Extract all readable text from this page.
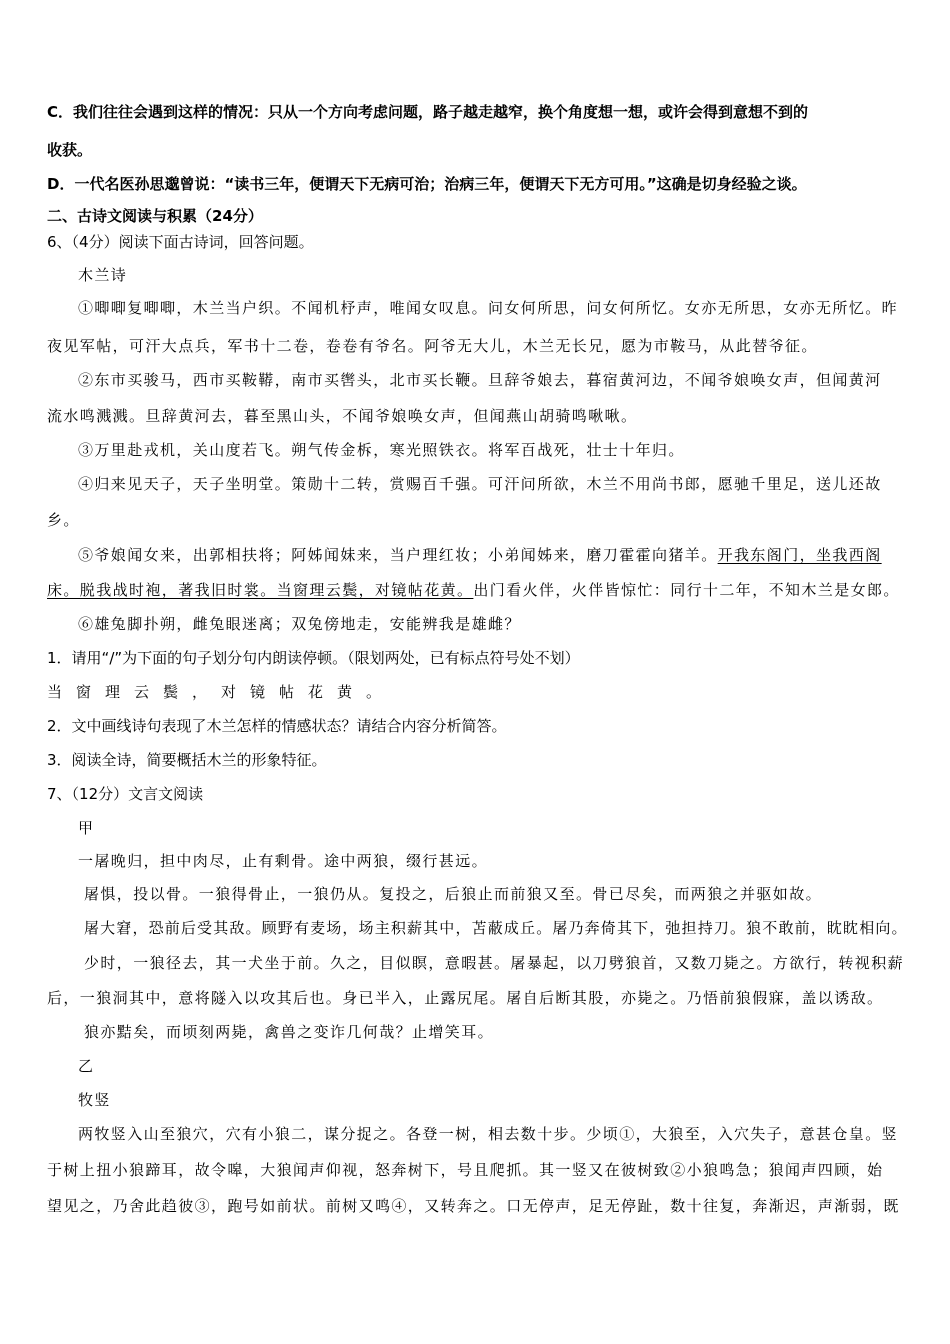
C．我们往往会遇到这样的情况：只从一个方向考虑问题，路子越走越窄，换个角度想一想，或许会得到意想不到的
收获。
D．一代名医孙思邈曾说：“读书三年，便谓天下无病可治；治病三年，便谓天下无方可用。”这确是切身经验之谈。
二、古诗文阅读与积累（24分）
6、（4分）阅读下面古诗词，回答问题。
木兰诗
①唧唧复唧唧，木兰当户织。不闻机杼声，唯闻女叹息。问女何所思，问女何所忆。女亦无所思，女亦无所忆。昨
夜见军帖，可汗大点兵，军书十二卷，卷卷有爷名。阿爷无大儿，木兰无长兄，愿为市鞍马，从此替爷征。
②东市买骏马，西市买鞍鞯，南市买辔头，北市买长鞭。旦辞爷娘去，暮宿黄河边，不闻爷娘唤女声，但闻黄河
流水鸣溅溅。旦辞黄河去，暮至黑山头，不闻爷娘唤女声，但闻燕山胡骑鸣啾啾。
③万里赴戎机，关山度若飞。朔气传金柝，寒光照铁衣。将军百战死，壮士十年归。
④归来见天子，天子坐明堂。策勋十二转，赏赐百千强。可汗问所欲，木兰不用尚书郎，愿驰千里足，送儿还故
乡。
⑤爷娘闻女来，出郭相扶将；阿姊闻妹来，当户理红妆；小弟闻姊来，磨刀霍霍向猪羊。开我东阁门，坐我西阁
床。脱我战时袍，著我旧时裳。当窗理云鬓，对镜帖花黄。出门看火伴，火伴皆惊忙：同行十二年，不知木兰是女郎。
⑥雄兔脚扑朔，雌兔眼迷离；双兔傍地走，安能辨我是雄雌？
1．请用“/”为下面的句子划分句内朗读停顿。（限划两处，已有标点符号处不划）
当窗理云鬓，对镜帖花黄。
2．文中画线诗句表现了木兰怎样的情感状态？请结合内容分析简答。
3．阅读全诗，简要概括木兰的形象特征。
7、（12分）文言文阅读
甲
一屠晚归，担中肉尽，止有剩骨。途中两狼，缀行甚远。
屠惧，投以骨。一狼得骨止，一狼仍从。复投之，后狼止而前狼又至。骨已尽矣，而两狼之并驱如故。
屠大窘，恐前后受其敌。顾野有麦场，场主积薪其中，苫蔽成丘。屠乃奔倚其下，弛担持刀。狼不敢前，眈眈相向。
少时，一狼径去，其一犬坐于前。久之，目似瞑，意暇甚。屠暴起，以刀劈狼首，又数刀毙之。方欲行，转视积薪
后，一狼洞其中，意将隧入以攻其后也。身已半入，止露尻尾。屠自后断其股，亦毙之。乃悟前狼假寐，盖以诱敌。
狼亦黠矣，而顷刻两毙，禽兽之变诈几何哉？止增笑耳。
乙
牧竖
两牧竖入山至狼穴，穴有小狼二，谋分捉之。各登一树，相去数十步。少顷①，大狼至，入穴失子，意甚仓皇。竖
于树上扭小狼蹄耳，故令嗥，大狼闻声仰视，怒奔树下，号且爬抓。其一竖又在彼树致②小狼鸣急；狼闻声四顾，始
望见之，乃舍此趋彼③，跑号如前状。前树又鸣④，又转奔之。口无停声，足无停趾，数十往复，奔渐迟，声渐弱，既
